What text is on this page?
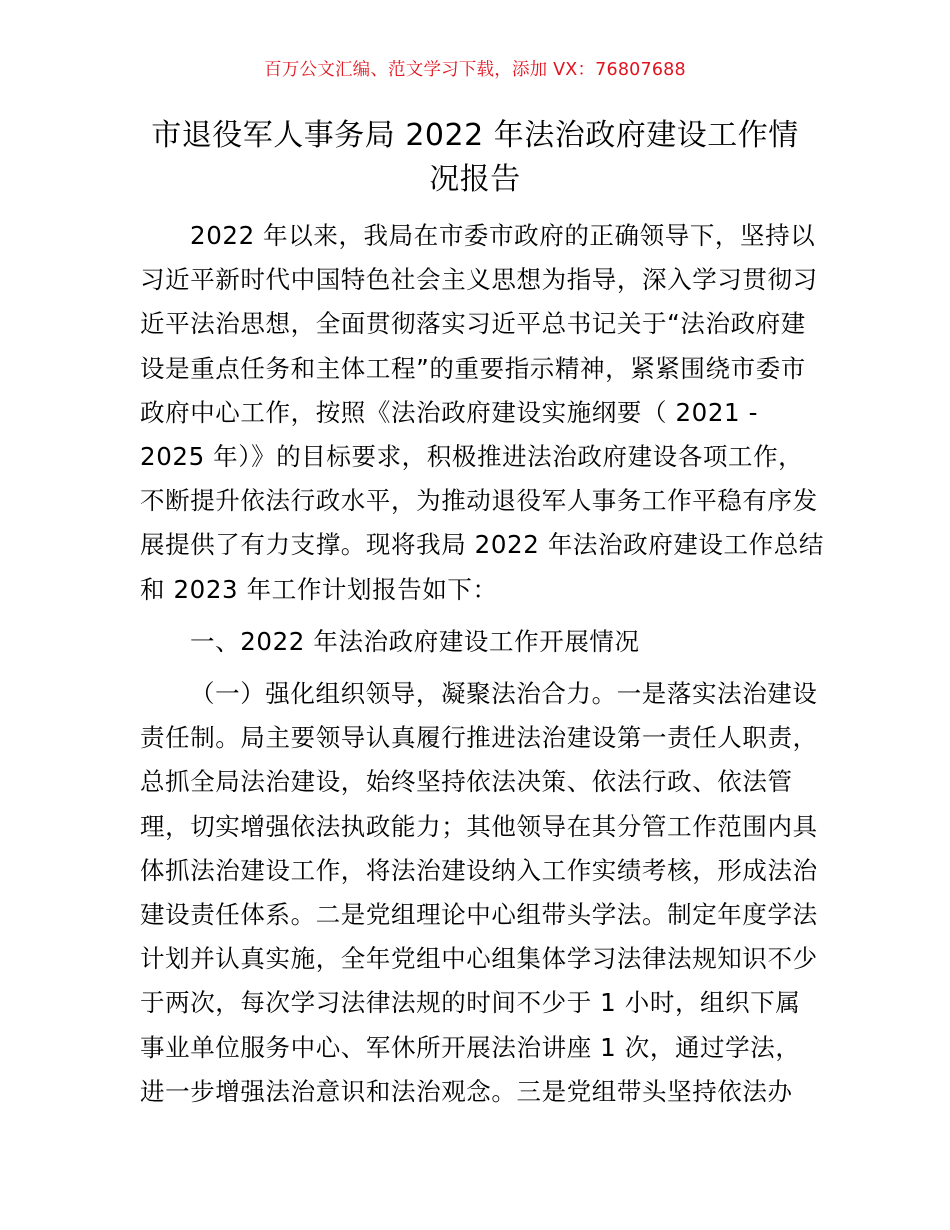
百万公文汇编、范文学习下载，添加 VX：76807688
市退役军人事务局 2022 年法治政府建设工作情
况报告
2022 年以来，我局在市委市政府的正确领导下，坚持以
习近平新时代中国特色社会主义思想为指导，深入学习贯彻习
近平法治思想，全面贯彻落实习近平总书记关于“法治政府建
设是重点任务和主体工程”的重要指示精神，紧紧围绕市委市
政府中心工作，按照《法治政府建设实施纲要（ 2021 -
2025 年）》的目标要求，积极推进法治政府建设各项工作，
不断提升依法行政水平，为推动退役军人事务工作平稳有序发
展提供了有力支撑。现将我局 2022 年法治政府建设工作总结
和 2023 年工作计划报告如下：
一、2022 年法治政府建设工作开展情况
（一）强化组织领导，凝聚法治合力。一是落实法治建设
责任制。局主要领导认真履行推进法治建设第一责任人职责，
总抓全局法治建设，始终坚持依法决策、依法行政、依法管
理，切实增强依法执政能力；其他领导在其分管工作范围内具
体抓法治建设工作，将法治建设纳入工作实绩考核，形成法治
建设责任体系。二是党组理论中心组带头学法。制定年度学法
计划并认真实施，全年党组中心组集体学习法律法规知识不少
于两次，每次学习法律法规的时间不少于 1 小时，组织下属
事业单位服务中心、军休所开展法治讲座 1 次，通过学法，
进一步增强法治意识和法治观念。三是党组带头坚持依法办
